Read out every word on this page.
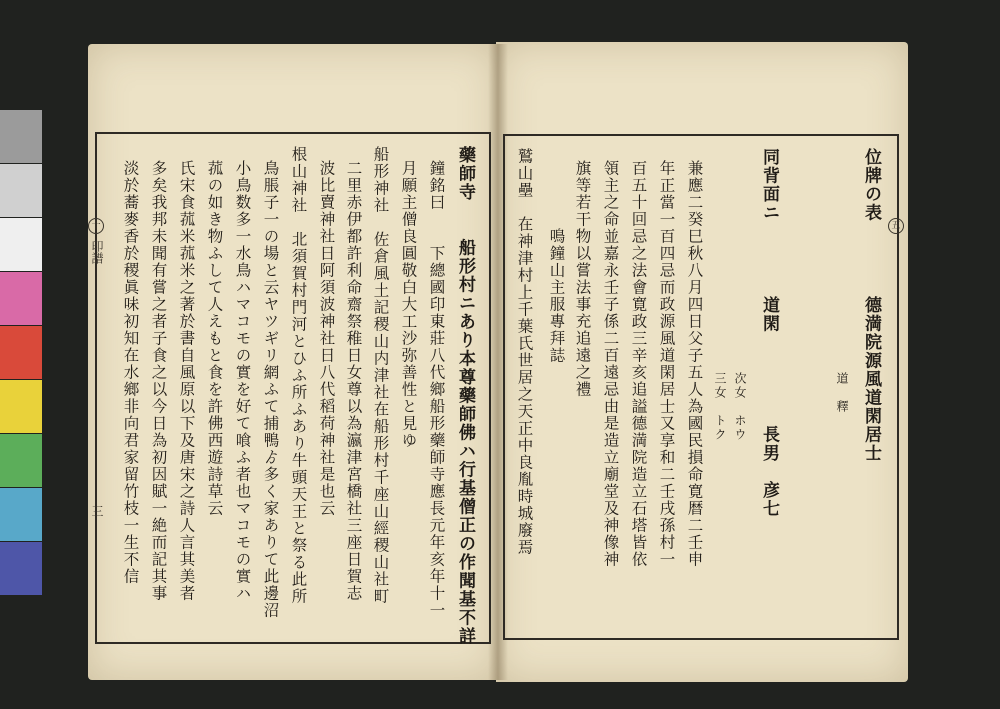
十
印譜
三
五
藥師寺　　船形村ニあり本尊藥師佛ハ行基僧正の作聞基不詳
鐘銘曰　　下總國印東莊八代鄉船形藥師寺應長元年亥年十一
月願主僧良圓敬白大工沙弥善性と見ゆ
船形神社　佐倉風土記稷山内津社在船形村千座山經稷山社町
二里赤伊都許利命齋祭稚日女尊以為瀛津宮橋社三座日賀志
波比賣神社日阿須波神社日八代稻荷神社是也云
根山神社　北須賀村門河とひふ所ふあり牛頭天王と祭る此所
鳥脹子一の場と云ヤツギリ網ふて捕鴨ゟ多く家ありて此邊沼
小鳥数多一水鳥ハマコモの實を好て喰ふ者也マコモの實ハ
菰の如き物ふして人えもと食を許佛西遊詩草云
氏宋食菰米菰米之著於書自風原以下及唐宋之詩人言其美者
多矣我邦未聞有嘗之者子食之以今日為初因賦一絶而記其事
淡於蕎麥香於稷眞味初知在水鄉非向君家留竹枝一生不信	位牌の表　　　　德満院源風道閑居士
　　　　　　　　　　　　　　　　道　釋
同背面ニ　　　　道閑　　　　　長男　彦七
　　　　　　　　　　　　　　　　次女　ホウ
　　　　　　　　　　　　　　　　三女　トク
兼應二癸巳秋八月四日父子五人為國民損命寛暦二壬申
年正當一百四忌而政源風道閑居士又享和二壬戌孫村一
百五十回忌之法會寛政三辛亥追謚德満院造立石塔皆依
領主之命並嘉永壬子係二百遠忌由是造立廟堂及神像神
旗等若干物以嘗法事充追遠之禮
　　　　鳴鐘山主服專拜誌
鷲山壘　在神津村上千葉氏世居之天正中良胤時城廢焉
